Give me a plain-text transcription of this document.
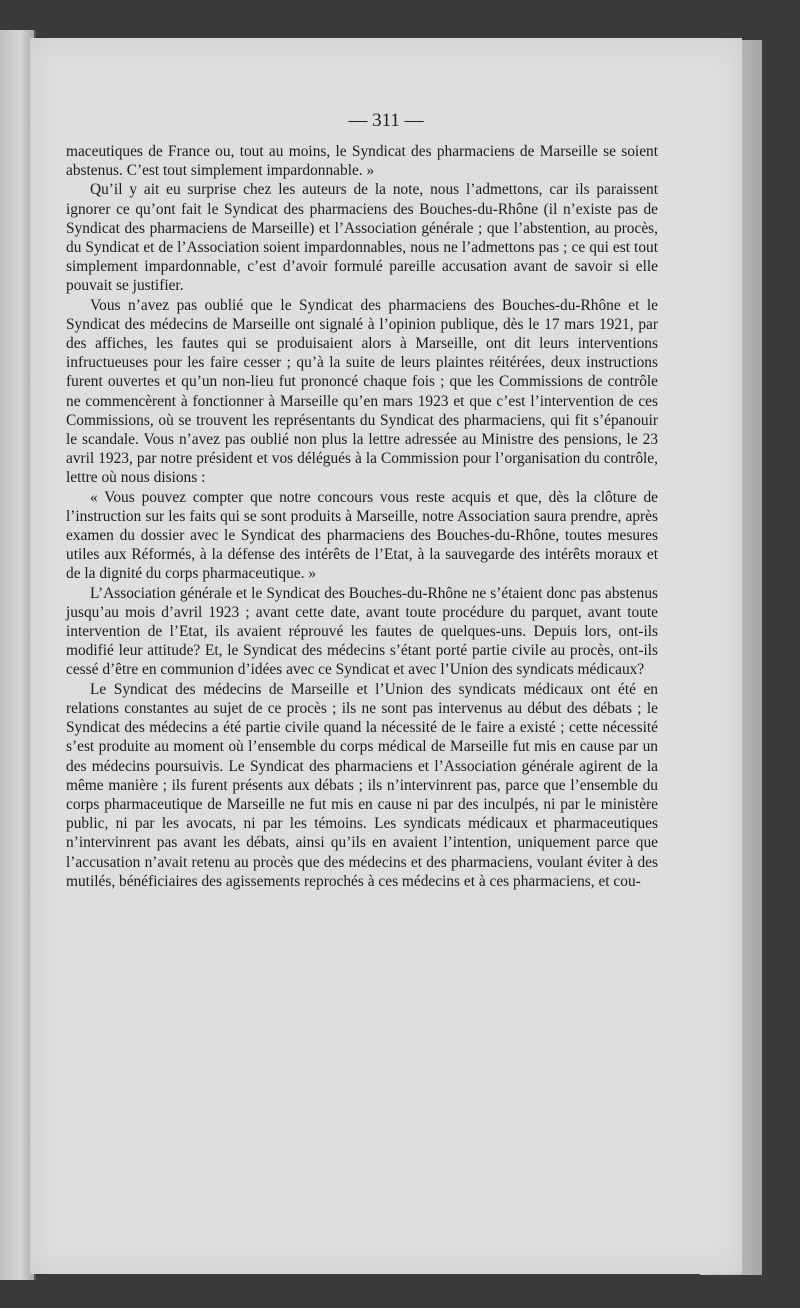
— 311 —

maceutiques de France ou, tout au moins, le Syndicat des pharmaciens de Marseille se soient abstenus. C’est tout simplement impardonnable. »

Qu’il y ait eu surprise chez les auteurs de la note, nous l’admettons, car ils paraissent ignorer ce qu’ont fait le Syndicat des pharmaciens des Bouches-du-Rhône (il n’existe pas de Syndicat des pharmaciens de Marseille) et l’Association générale ; que l’abstention, au procès, du Syndicat et de l’Association soient impardonnables, nous ne l’admettons pas ; ce qui est tout simplement impardonnable, c’est d’avoir formulé pareille accusation avant de savoir si elle pouvait se justifier.

Vous n’avez pas oublié que le Syndicat des pharmaciens des Bouches-du-Rhône et le Syndicat des médecins de Marseille ont signalé à l’opinion publique, dès le 17 mars 1921, par des affiches, les fautes qui se produisaient alors à Marseille, ont dit leurs interventions infructueuses pour les faire cesser ; qu’à la suite de leurs plaintes réitérées, deux instructions furent ouvertes et qu’un non-lieu fut prononcé chaque fois ; que les Commissions de contrôle ne commencèrent à fonctionner à Marseille qu’en mars 1923 et que c’est l’intervention de ces Commissions, où se trouvent les représentants du Syndicat des pharmaciens, qui fit s’épanouir le scandale. Vous n’avez pas oublié non plus la lettre adressée au Ministre des pensions, le 23 avril 1923, par notre président et vos délégués à la Commission pour l’organisation du contrôle, lettre où nous disions :

« Vous pouvez compter que notre concours vous reste acquis et que, dès la clôture de l’instruction sur les faits qui se sont produits à Marseille, notre Association saura prendre, après examen du dossier avec le Syndicat des pharmaciens des Bouches-du-Rhône, toutes mesures utiles aux Réformés, à la défense des intérêts de l’Etat, à la sauvegarde des intérêts moraux et de la dignité du corps pharmaceutique. »

L’Association générale et le Syndicat des Bouches-du-Rhône ne s’étaient donc pas abstenus jusqu’au mois d’avril 1923 ; avant cette date, avant toute procédure du parquet, avant toute intervention de l’Etat, ils avaient réprouvé les fautes de quelques-uns. Depuis lors, ont-ils modifié leur attitude? Et, le Syndicat des médecins s’étant porté partie civile au procès, ont-ils cessé d’être en communion d’idées avec ce Syndicat et avec l’Union des syndicats médicaux?

Le Syndicat des médecins de Marseille et l’Union des syndicats médicaux ont été en relations constantes au sujet de ce procès ; ils ne sont pas intervenus au début des débats ; le Syndicat des médecins a été partie civile quand la nécessité de le faire a existé ; cette nécessité s’est produite au moment où l’ensemble du corps médical de Marseille fut mis en cause par un des médecins poursuivis. Le Syndicat des pharmaciens et l’Association générale agirent de la même manière ; ils furent présents aux débats ; ils n’intervinrent pas, parce que l’ensemble du corps pharmaceutique de Marseille ne fut mis en cause ni par des inculpés, ni par le ministère public, ni par les avocats, ni par les témoins. Les syndicats médicaux et pharmaceutiques n’intervinrent pas avant les débats, ainsi qu’ils en avaient l’intention, uniquement parce que l’accusation n’avait retenu au procès que des médecins et des pharmaciens, voulant éviter à des mutilés, bénéficiaires des agissements reprochés à ces médecins et à ces pharmaciens, et cou-
